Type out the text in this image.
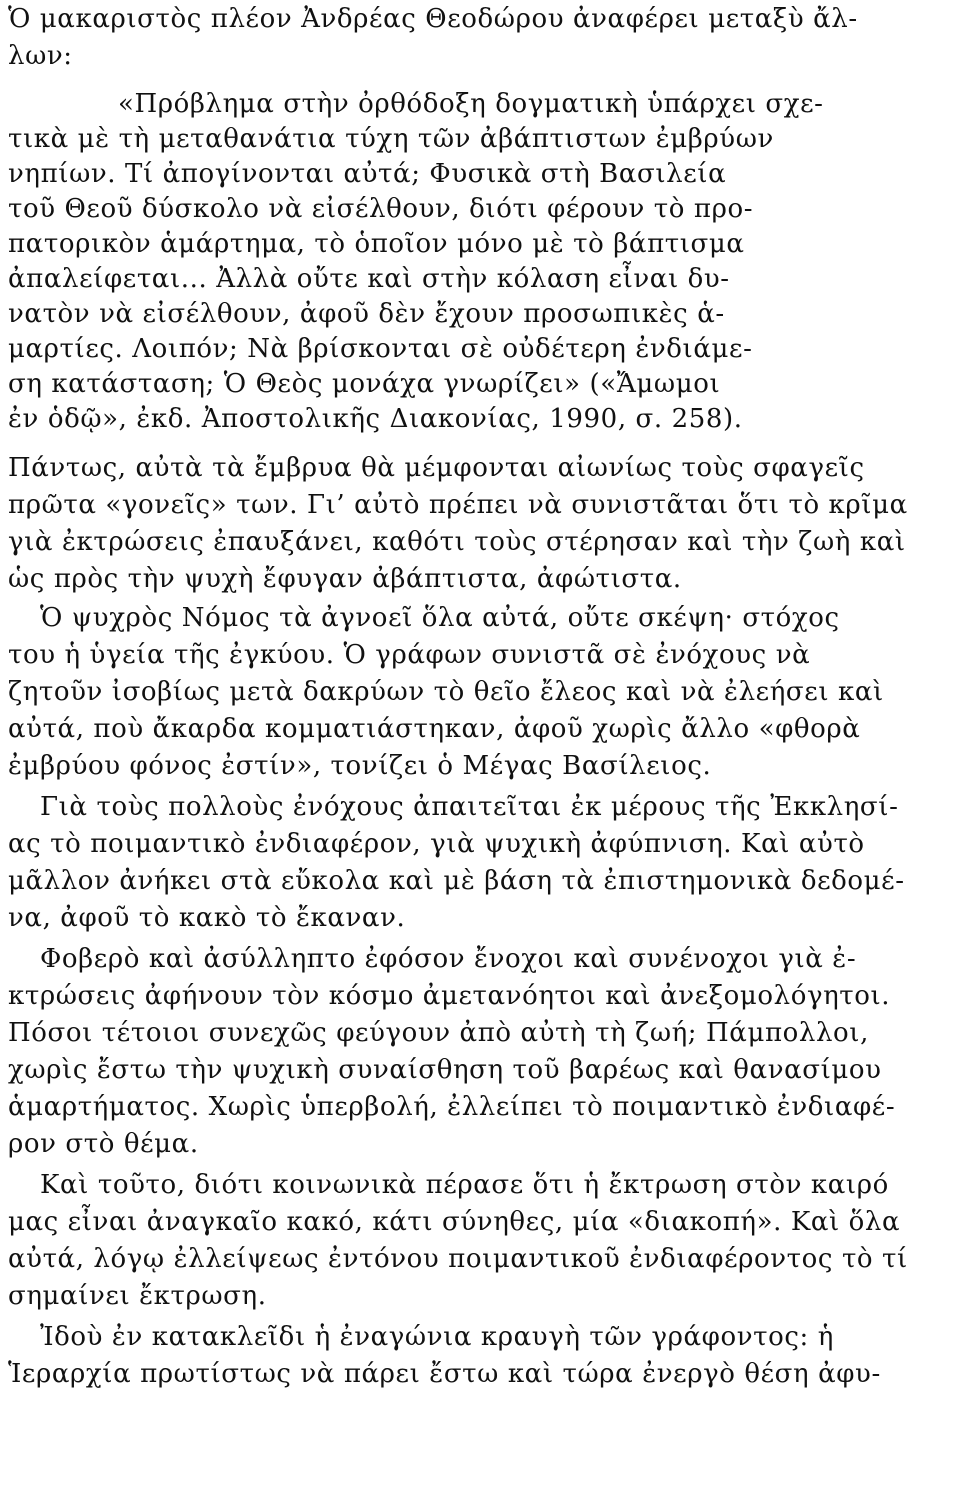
Ὁ μακαριστὸς πλέον Ἀνδρέας Θεοδώρου ἀναφέρει μεταξὺ ἄλ-
λων:
«Πρόβλημα στὴν ὀρθόδοξη δογματικὴ ὑπάρχει σχε-
τικὰ μὲ τὴ μεταθανάτια τύχη τῶν ἀβάπτιστων ἐμβρύων
νηπίων. Τί ἀπογίνονται αὐτά; Φυσικὰ στὴ Βασιλεία
τοῦ Θεοῦ δύσκολο νὰ εἰσέλθουν, διότι φέρουν τὸ προ-
πατορικὸν ἁμάρτημα, τὸ ὁποῖον μόνο μὲ τὸ βάπτισμα
ἀπαλείφεται... Ἀλλὰ οὔτε καὶ στὴν κόλαση εἶναι δυ-
νατὸν νὰ εἰσέλθουν, ἀφοῦ δὲν ἔχουν προσωπικὲς ἁ-
μαρτίες. Λοιπόν; Νὰ βρίσκονται σὲ οὐδέτερη ἐνδιάμε-
ση κατάσταση; Ὁ Θεὸς μονάχα γνωρίζει» («Ἄμωμοι
ἐν ὁδῷ», ἐκδ. Ἀποστολικῆς Διακονίας, 1990, σ. 258).
Πάντως, αὐτὰ τὰ ἔμβρυα θὰ μέμφονται αἰωνίως τοὺς σφαγεῖς
πρῶτα «γονεῖς» των. Γι’ αὐτὸ πρέπει νὰ συνιστᾶται ὅτι τὸ κρῖμα
γιὰ ἐκτρώσεις ἐπαυξάνει, καθότι τοὺς στέρησαν καὶ τὴν ζωὴ καὶ
ὡς πρὸς τὴν ψυχὴ ἔφυγαν ἀβάπτιστα, ἀφώτιστα.
Ὁ ψυχρὸς Νόμος τὰ ἀγνοεῖ ὅλα αὐτά, οὔτε σκέψη· στόχος
του ἡ ὑγεία τῆς ἐγκύου. Ὁ γράφων συνιστᾶ σὲ ἐνόχους νὰ
ζητοῦν ἰσοβίως μετὰ δακρύων τὸ θεῖο ἔλεος καὶ νὰ ἐλεήσει καὶ
αὐτά, ποὺ ἄκαρδα κομματιάστηκαν, ἀφοῦ χωρὶς ἄλλο «φθορὰ
ἐμβρύου φόνος ἐστίν», τονίζει ὁ Μέγας Βασίλειος.
Γιὰ τοὺς πολλοὺς ἐνόχους ἀπαιτεῖται ἐκ μέρους τῆς Ἐκκλησί-
ας τὸ ποιμαντικὸ ἐνδιαφέρον, γιὰ ψυχικὴ ἀφύπνιση. Καὶ αὐτὸ
μᾶλλον ἀνήκει στὰ εὔκολα καὶ μὲ βάση τὰ ἐπιστημονικὰ δεδομέ-
να, ἀφοῦ τὸ κακὸ τὸ ἔκαναν.
Φοβερὸ καὶ ἀσύλληπτο ἐφόσον ἔνοχοι καὶ συνένοχοι γιὰ ἐ-
κτρώσεις ἀφήνουν τὸν κόσμο ἀμετανόητοι καὶ ἀνεξομολόγητοι.
Πόσοι τέτοιοι συνεχῶς φεύγουν ἀπὸ αὐτὴ τὴ ζωή; Πάμπολλοι,
χωρὶς ἔστω τὴν ψυχικὴ συναίσθηση τοῦ βαρέως καὶ θανασίμου
ἁμαρτήματος. Χωρὶς ὑπερβολή, ἐλλείπει τὸ ποιμαντικὸ ἐνδιαφέ-
ρον στὸ θέμα.
Καὶ τοῦτο, διότι κοινωνικὰ πέρασε ὅτι ἡ ἔκτρωση στὸν καιρό
μας εἶναι ἀναγκαῖο κακό, κάτι σύνηθες, μία «διακοπή». Καὶ ὅλα
αὐτά, λόγῳ ἐλλείψεως ἐντόνου ποιμαντικοῦ ἐνδιαφέροντος τὸ τί
σημαίνει ἔκτρωση.
Ἰδοὺ ἐν κατακλεῖδι ἡ ἐναγώνια κραυγὴ τῶν γράφοντος: ἡ
Ἱεραρχία πρωτίστως νὰ πάρει ἔστω καὶ τώρα ἐνεργὸ θέση ἀφυ-
